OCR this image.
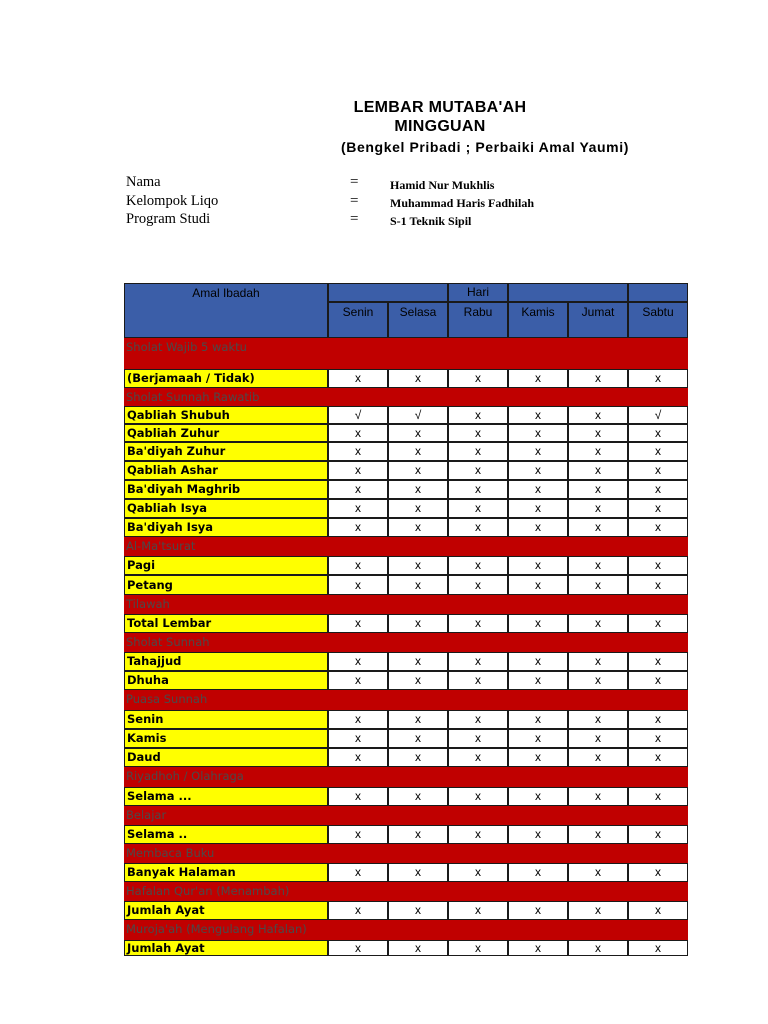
LEMBAR MUTABA'AH
MINGGUAN
(Bengkel Pribadi ; Perbaiki Amal Yaumi)
Nama	=	Hamid Nur Mukhlis
Kelompok Liqo	=	Muhammad Haris Fadhilah
Program Studi	=	S-1 Teknik Sipil
Amal Ibadah	Hari
Senin	Selasa	Rabu	Kamis	Jumat	Sabtu
Sholat Wajib 5 waktu
(Berjamaah / Tidak)	x	x	x	x	x	x
Sholat Sunnah Rawatib
Qabliah Shubuh	√	√	x	x	x	√
Qabliah Zuhur	x	x	x	x	x	x
Ba'diyah Zuhur	x	x	x	x	x	x
Qabliah Ashar	x	x	x	x	x	x
Ba'diyah Maghrib	x	x	x	x	x	x
Qabliah Isya	x	x	x	x	x	x
Ba'diyah Isya	x	x	x	x	x	x
Al-Ma'tsurat
Pagi	x	x	x	x	x	x
Petang	x	x	x	x	x	x
Tilawah
Total Lembar	x	x	x	x	x	x
Sholat Sunnah
Tahajjud	x	x	x	x	x	x
Dhuha	x	x	x	x	x	x
Puasa Sunnah
Senin	x	x	x	x	x	x
Kamis	x	x	x	x	x	x
Daud	x	x	x	x	x	x
Riyadhoh / Olahraga
Selama ...	x	x	x	x	x	x
Belajar
Selama ..	x	x	x	x	x	x
Membaca Buku
Banyak Halaman	x	x	x	x	x	x
Hafalan Qur'an (Menambah)
Jumlah Ayat	x	x	x	x	x	x
Muroja'ah (Mengulang Hafalan)
Jumlah Ayat	x	x	x	x	x	x
